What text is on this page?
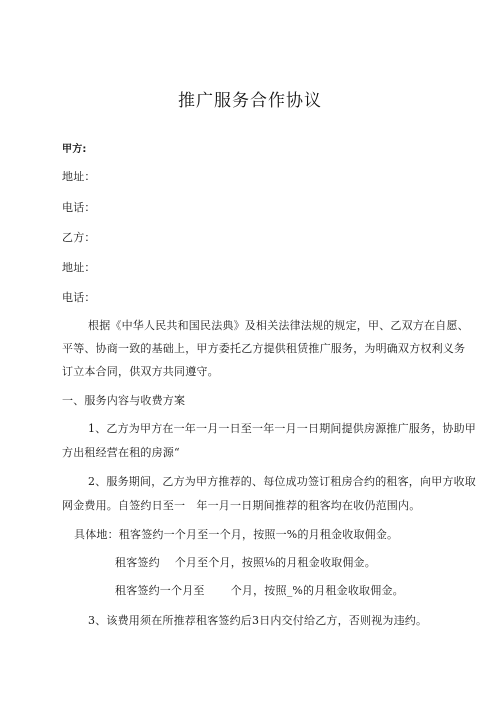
推广服务合作协议
甲方:
地址：
电话：
乙方：
地址：
电话：
根据《中华人民共和国民法典》及相关法律法规的规定，甲、乙双方在自愿、
平等、协商一致的基础上，甲方委托乙方提供租赁推广服务，为明确双方权利义务
订立本合同，供双方共同遵守。
一、服务内容与收费方案
1、乙方为甲方在一年一月一日至一年一月一日期间提供房源推广服务，协助甲
方出租经营在租的房源“
2、服务期间，乙方为甲方推荐的、每位成功签订租房合约的租客，向甲方收取
网金费用。自签约日至一　年一月一日期间推荐的租客均在收仍范围内。
具体地：租客签约一个月至一个月，按照一%的月租金收取佣金。
租客签约　 个月至个月，按照⅛的月租金收取佣金。
租客签约一个月至　　 个月，按照_%的月租金收取佣金。
3、该费用须在所推荐租客签约后3日内交付给乙方，否则视为违约。
